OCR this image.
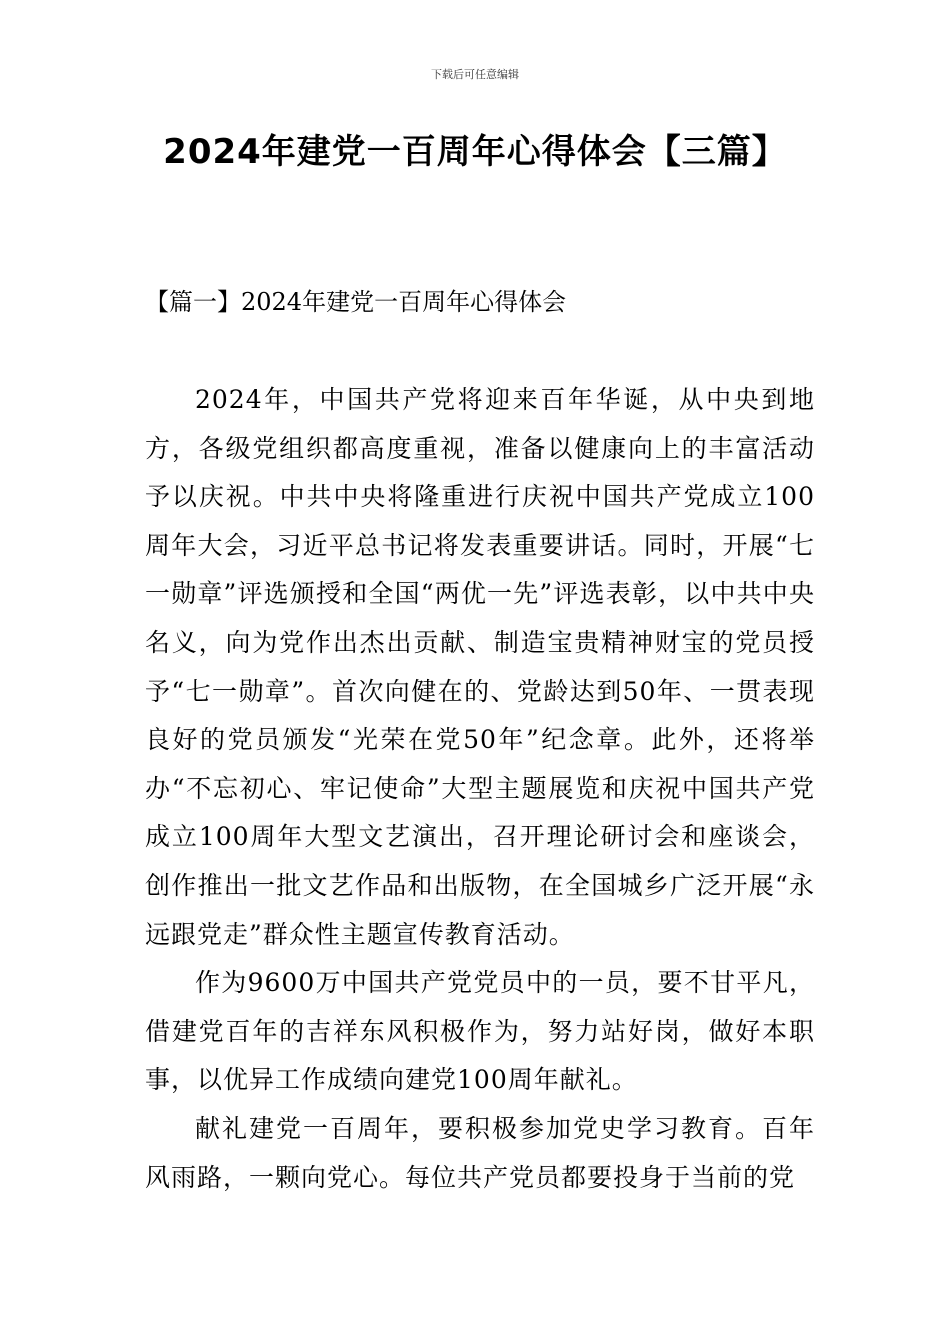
下载后可任意编辑
2024年建党一百周年心得体会【三篇】
【篇一】2024年建党一百周年心得体会

2024年，中国共产党将迎来百年华诞，从中央到地方，各级党组织都高度重视，准备以健康向上的丰富活动予以庆祝。中共中央将隆重进行庆祝中国共产党成立100周年大会，习近平总书记将发表重要讲话。同时，开展“七一勋章”评选颁授和全国“两优一先”评选表彰，以中共中央名义，向为党作出杰出贡献、制造宝贵精神财宝的党员授予“七一勋章”。首次向健在的、党龄达到50年、一贯表现良好的党员颁发“光荣在党50年”纪念章。此外，还将举办“不忘初心、牢记使命”大型主题展览和庆祝中国共产党成立100周年大型文艺演出，召开理论研讨会和座谈会，创作推出一批文艺作品和出版物，在全国城乡广泛开展“永远跟党走”群众性主题宣传教育活动。

作为9600万中国共产党党员中的一员，要不甘平凡，借建党百年的吉祥东风积极作为，努力站好岗，做好本职事，以优异工作成绩向建党100周年献礼。

献礼建党一百周年，要积极参加党史学习教育。百年风雨路，一颗向党心。每位共产党员都要投身于当前的党
